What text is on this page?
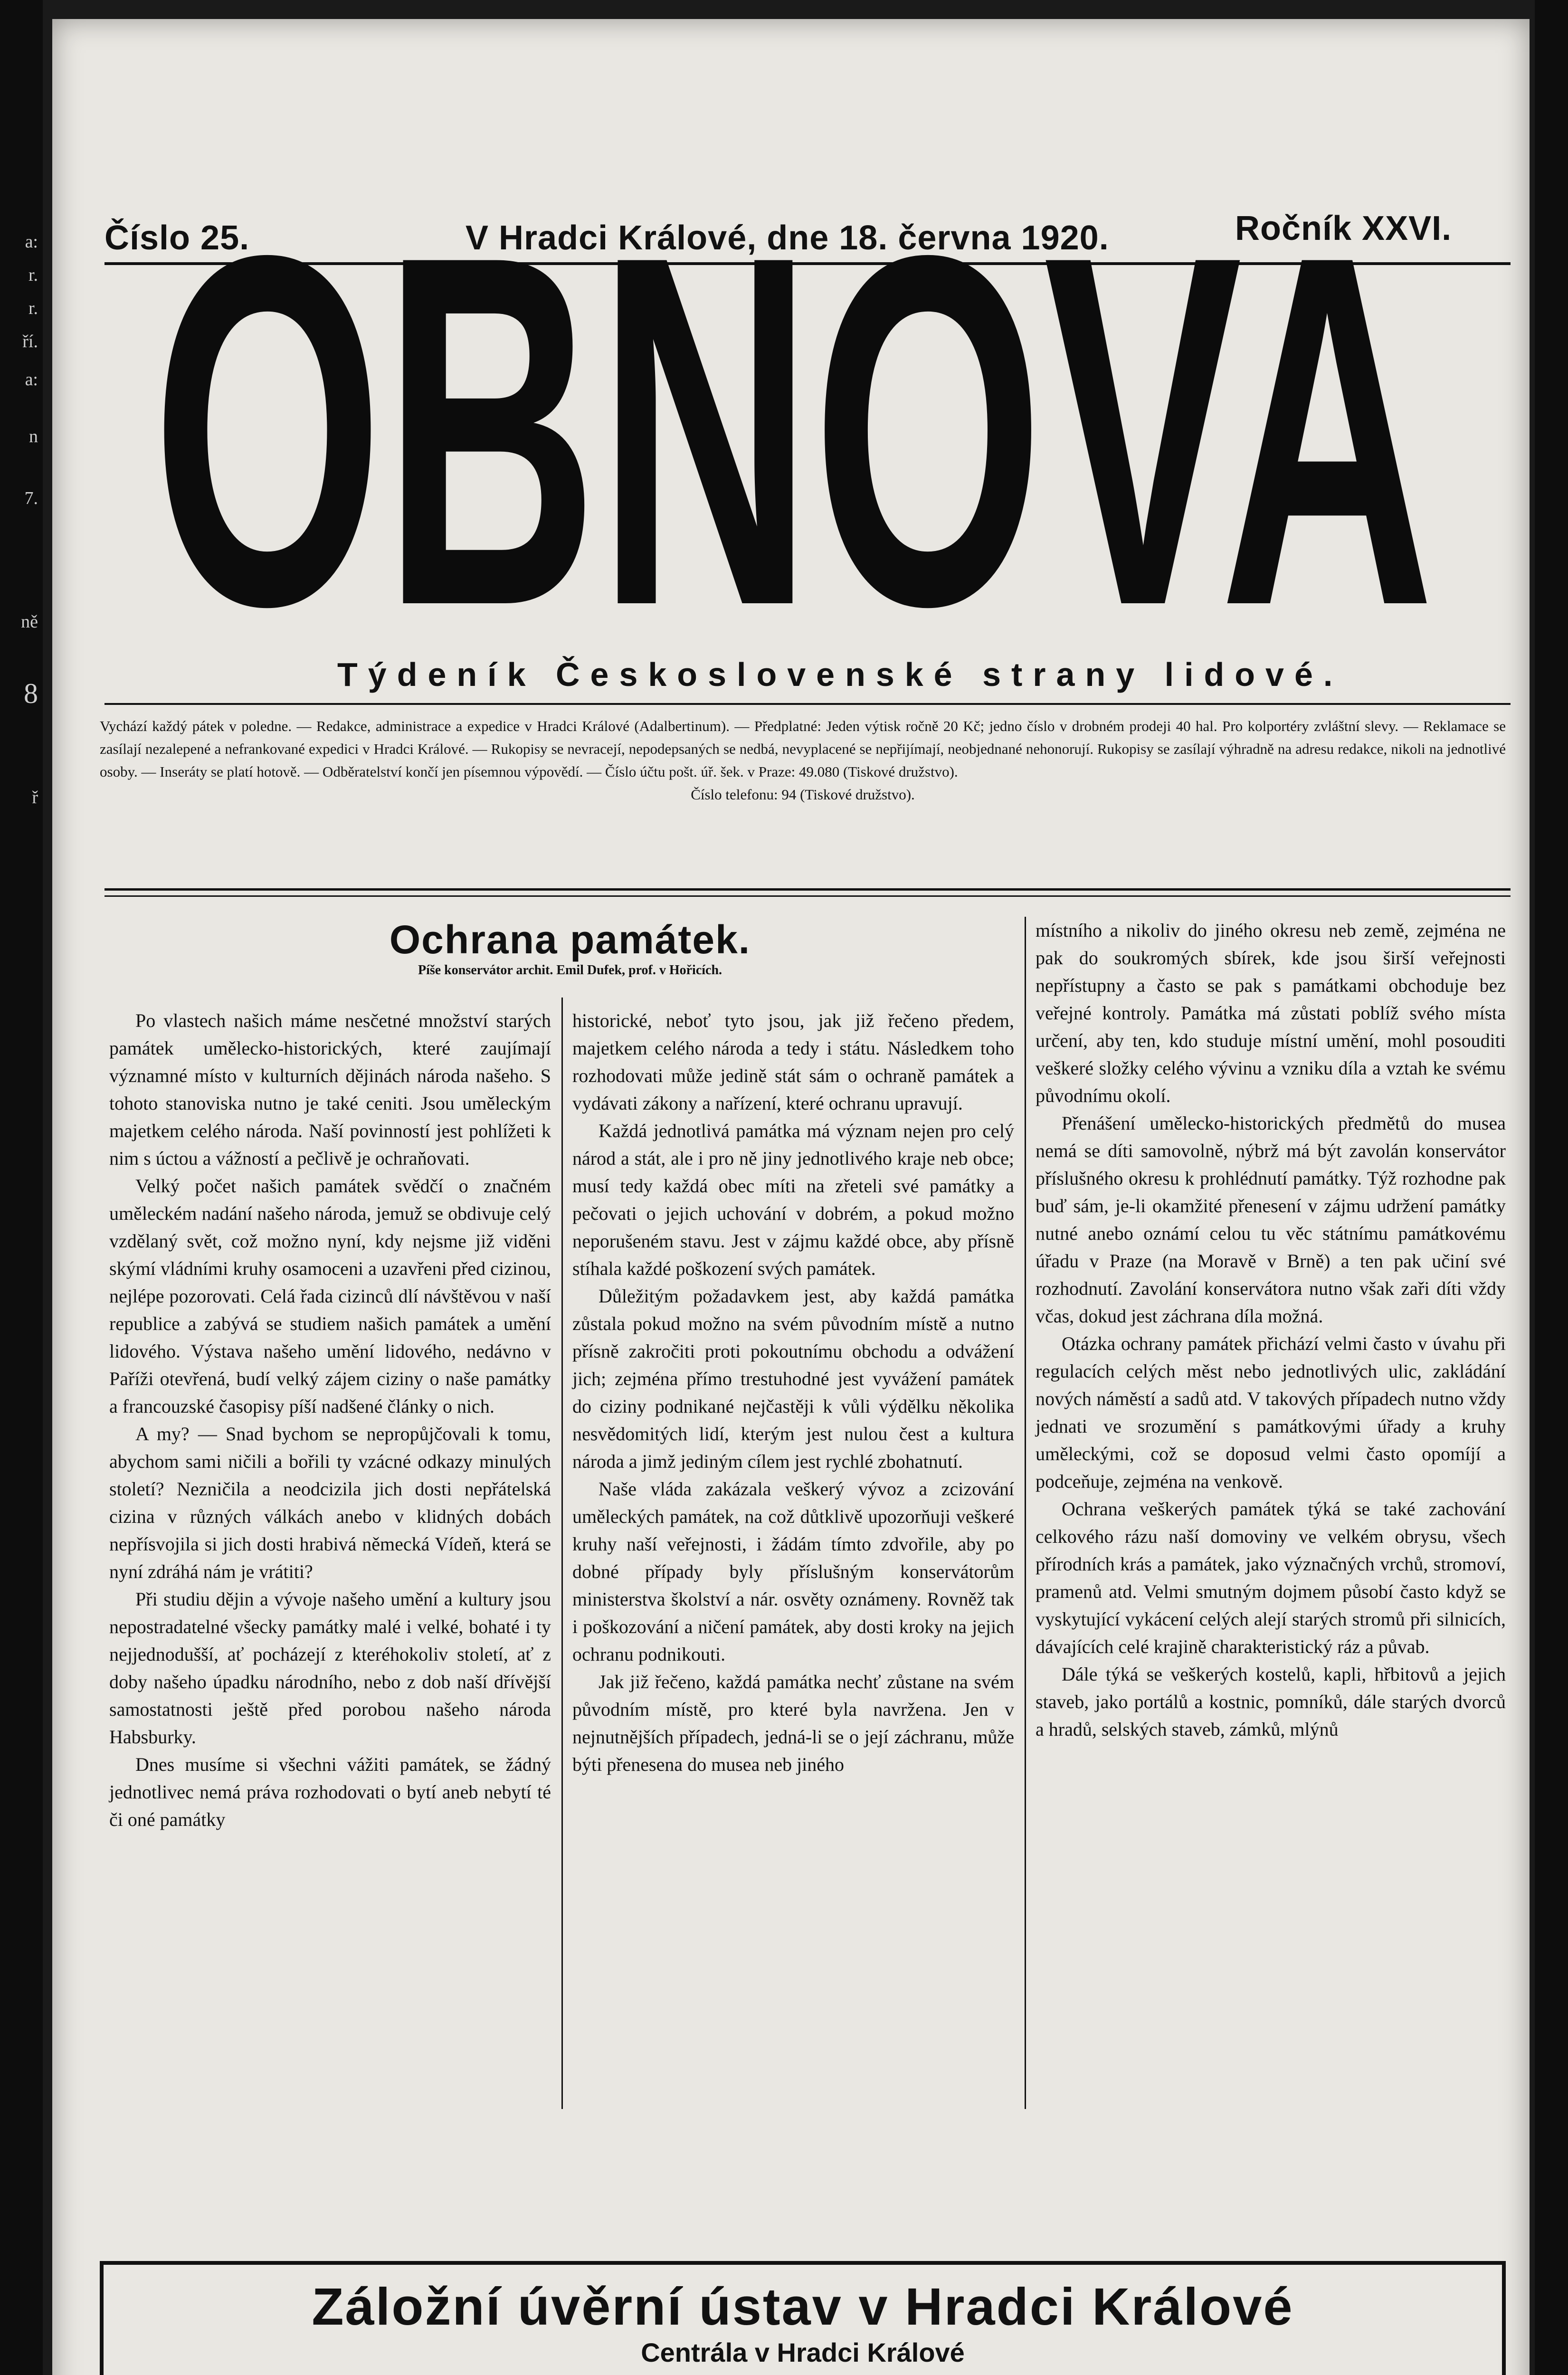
a:
r.
r.
ří.
a:
n
7.
ně
8
ř
Číslo 25.	V Hradci Králové, dne 18. června 1920.	Ročník XXVI.
OBNOVA
Týdeník Československé strany lidové.
Vychází každý pátek v poledne. — Redakce, administrace a expedice v Hradci Králové (Adalbertinum). — Předplatné: Jeden výtisk ročně 20 Kč; jedno číslo v drobném prodeji 40 hal. Pro kolportéry zvláštní slevy. — Reklamace se zasílají nezalepené a nefrankované expedici v Hradci Králové. — Rukopisy se nevracejí, nepodepsaných se nedbá, nevyplacené se nepřijímají, neobjednané nehonorují. Rukopisy se zasílají výhradně na adresu redakce, nikoli na jednotlivé osoby. — Inseráty se platí hotově. — Odběratelství končí jen písemnou výpovědí. — Číslo účtu pošt. úř. šek. v Praze: 49.080 (Tiskové družstvo).
Číslo telefonu: 94 (Tiskové družstvo).
Ochrana památek.
Píše konservátor archit. Emil Dufek, prof. v Hořicích.

Po vlastech našich máme nesčetné množství starých památek umělecko-historických, které zaujímají významné místo v kulturních dějinách národa našeho. S tohoto stanoviska nutno je také ceniti. Jsou uměleckým majetkem celého národa. Naší povinností jest pohlížeti k nim s úctou a vážností a pečlivě je ochraňovati.

Velký počet našich památek svědčí o značném uměleckém nadání našeho národa, jemuž se obdivuje celý vzdělaný svět, což možno nyní, kdy nejsme již viděni skýmí vládními kruhy osamoceni a uzavřeni před cizinou, nejlépe pozorovati. Celá řada cizinců dlí návštěvou v naší republice a zabývá se studiem našich památek a umění lidového. Výstava našeho umění lidového, nedávno v Paříži otevřená, budí velký zájem ciziny o naše památky a francouzské časopisy píší nadšené články o nich.

A my? — Snad bychom se nepropůjčovali k tomu, abychom sami ničili a bořili ty vzácné odkazy minulých století? Nezničila a neodcizila jich dosti nepřátelská cizina v různých válkách anebo v klidných dobách nepřísvojila si jich dosti hrabivá německá Vídeň, která se nyní zdráhá nám je vrátiti?

Při studiu dějin a vývoje našeho umění a kultury jsou nepostradatelné všecky památky malé i velké, bohaté i ty nejjednodušší, ať pocházejí z kteréhokoliv století, ať z doby našeho úpadku národního, nebo z dob naší dřívější samostatnosti ještě před porobou našeho národa Habsburky.

Dnes musíme si všechni vážiti památek, se žádný jednotlivec nemá práva rozhodovati o bytí aneb nebytí té či oné památky

historické, neboť tyto jsou, jak již řečeno předem, majetkem celého národa a tedy i státu. Následkem toho rozhodovati může jedině stát sám o ochraně památek a vydávati zákony a nařízení, které ochranu upravují.

Každá jednotlivá památka má význam nejen pro celý národ a stát, ale i pro ně jiny jednotlivého kraje neb obce; musí tedy každá obec míti na zřeteli své památky a pečovati o jejich uchování v dobrém, a pokud možno neporušeném stavu. Jest v zájmu každé obce, aby přísně stíhala každé poškození svých památek.

Důležitým požadavkem jest, aby každá památka zůstala pokud možno na svém původním místě a nutno přísně zakročiti proti pokoutnímu obchodu a odvážení jich; zejména přímo trestuhodné jest vyvážení památek do ciziny podnikané nejčastěji k vůli výdělku několika nesvědomitých lidí, kterým jest nulou čest a kultura národa a jimž jediným cílem jest rychlé zbohatnutí.

Naše vláda zakázala veškerý vývoz a zcizování uměleckých památek, na což důtklivě upozorňuji veškeré kruhy naší veřejnosti, i žádám tímto zdvořile, aby po dobné případy byly příslušným konservátorům ministerstva školství a nár. osvěty oznámeny. Rovněž tak i poškozování a ničení památek, aby dosti kroky na jejich ochranu podnikouti.

Jak již řečeno, každá památka nechť zůstane na svém původním místě, pro které byla navržena. Jen v nejnutnějších případech, jedná-li se o její záchranu, může býti přenesena do musea neb jiného

místního a nikoliv do jiného okresu neb země, zejména ne pak do soukromých sbírek, kde jsou širší veřejnosti nepřístupny a často se pak s památkami obchoduje bez veřejné kontroly. Památka má zůstati poblíž svého místa určení, aby ten, kdo studuje místní umění, mohl posouditi veškeré složky celého vývinu a vzniku díla a vztah ke svému původnímu okolí.

Přenášení umělecko-historických předmětů do musea nemá se díti samovolně, nýbrž má být zavolán konservátor příslušného okresu k prohlédnutí památky. Týž rozhodne pak buď sám, je-li okamžité přenesení v zájmu udržení památky nutné anebo oznámí celou tu věc státnímu památkovému úřadu v Praze (na Moravě v Brně) a ten pak učiní své rozhodnutí. Zavolání konservátora nutno však zaři díti vždy včas, dokud jest záchrana díla možná.

Otázka ochrany památek přichází velmi často v úvahu při regulacích celých měst nebo jednotlivých ulic, zakládání nových náměstí a sadů atd. V takových případech nutno vždy jednati ve srozumění s památkovými úřady a kruhy uměleckými, což se doposud velmi často opomíjí a podceňuje, zejména na venkově.

Ochrana veškerých památek týká se také zachování celkového rázu naší domoviny ve velkém obrysu, všech přírodních krás a památek, jako význačných vrchů, stromoví, pramenů atd. Velmi smutným dojmem působí často když se vyskytující vykácení celých alejí starých stromů při silnicích, dávajících celé krajině charakteristický ráz a půvab.

Dále týká se veškerých kostelů, kapli, hřbitovů a jejich staveb, jako portálů a kostnic, pomníků, dále starých dvorců a hradů, selských staveb, zámků, mlýnů

Záložní úvěrní ústav v Hradci Králové
Centrála v Hradci Králové
